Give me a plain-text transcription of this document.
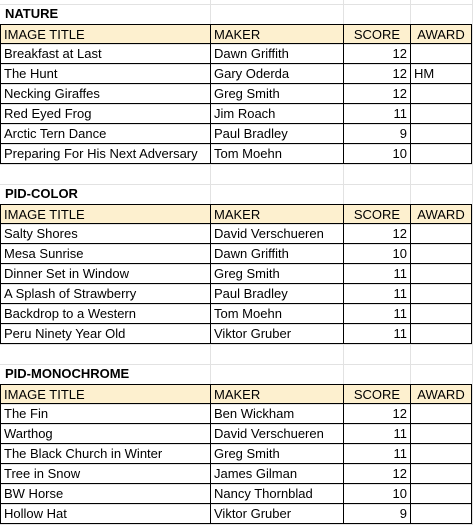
NATURE
IMAGE TITLE	MAKER	SCORE	AWARD
Breakfast at Last	Dawn Griffith	12
The Hunt	Gary Oderda	12 HM
Necking Giraffes	Greg Smith	12
Red Eyed Frog	Jim Roach	11
Arctic Tern Dance	Paul Bradley	9
Preparing For His Next Adversary	Tom Moehn	10
PID-COLOR
IMAGE TITLE	MAKER	SCORE	AWARD
Salty Shores	David Verschueren	12
Mesa Sunrise	Dawn Griffith	10
Dinner Set in Window	Greg Smith	11
A Splash of Strawberry	Paul Bradley	11
Backdrop to a Western	Tom Moehn	11
Peru Ninety Year Old	Viktor Gruber	11
PID-MONOCHROME
IMAGE TITLE	MAKER	SCORE	AWARD
The Fin	Ben Wickham	12
Warthog	David Verschueren	11
The Black Church in Winter	Greg Smith	11
Tree in Snow	James Gilman	12
BW Horse	Nancy Thornblad	10
Hollow Hat	Viktor Gruber	9
